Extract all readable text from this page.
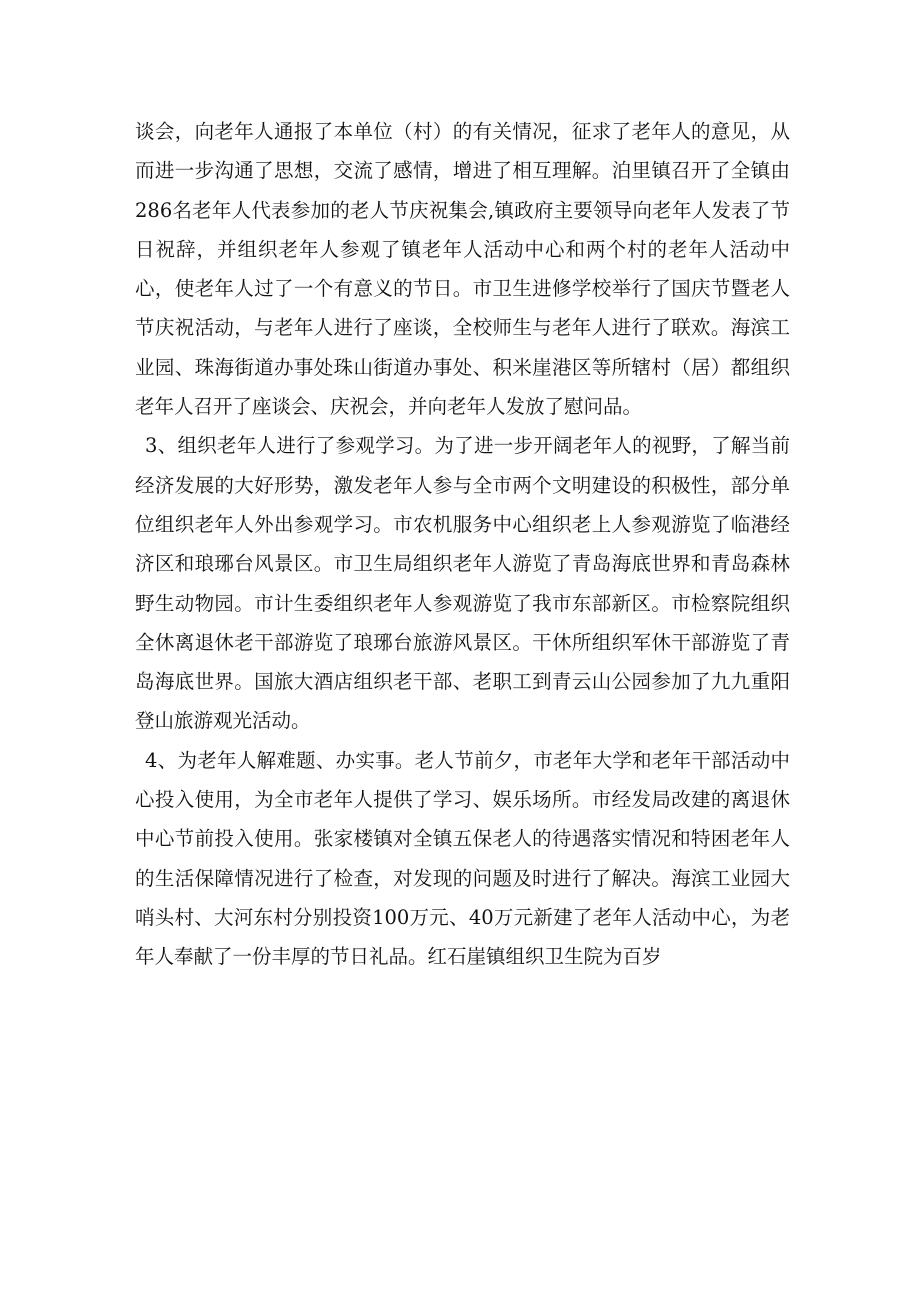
谈会，向老年人通报了本单位（村）的有关情况，征求了老年人的意见，从而进一步沟通了思想，交流了感情，增进了相互理解。泊里镇召开了全镇由286名老年人代表参加的老人节庆祝集会,镇政府主要领导向老年人发表了节日祝辞，并组织老年人参观了镇老年人活动中心和两个村的老年人活动中心，使老年人过了一个有意义的节日。市卫生进修学校举行了国庆节暨老人节庆祝活动，与老年人进行了座谈，全校师生与老年人进行了联欢。海滨工业园、珠海街道办事处珠山街道办事处、积米崖港区等所辖村（居）都组织老年人召开了座谈会、庆祝会，并向老年人发放了慰问品。

3、组织老年人进行了参观学习。为了进一步开阔老年人的视野，了解当前经济发展的大好形势，激发老年人参与全市两个文明建设的积极性，部分单位组织老年人外出参观学习。市农机服务中心组织老上人参观游览了临港经济区和琅琊台风景区。市卫生局组织老年人游览了青岛海底世界和青岛森林野生动物园。市计生委组织老年人参观游览了我市东部新区。市检察院组织全休离退休老干部游览了琅琊台旅游风景区。干休所组织军休干部游览了青岛海底世界。国旅大酒店组织老干部、老职工到青云山公园参加了九九重阳登山旅游观光活动。

4、为老年人解难题、办实事。老人节前夕，市老年大学和老年干部活动中心投入使用，为全市老年人提供了学习、娱乐场所。市经发局改建的离退休中心节前投入使用。张家楼镇对全镇五保老人的待遇落实情况和特困老年人的生活保障情况进行了检查，对发现的问题及时进行了解决。海滨工业园大哨头村、大河东村分别投资100万元、40万元新建了老年人活动中心，为老年人奉献了一份丰厚的节日礼品。红石崖镇组织卫生院为百岁
